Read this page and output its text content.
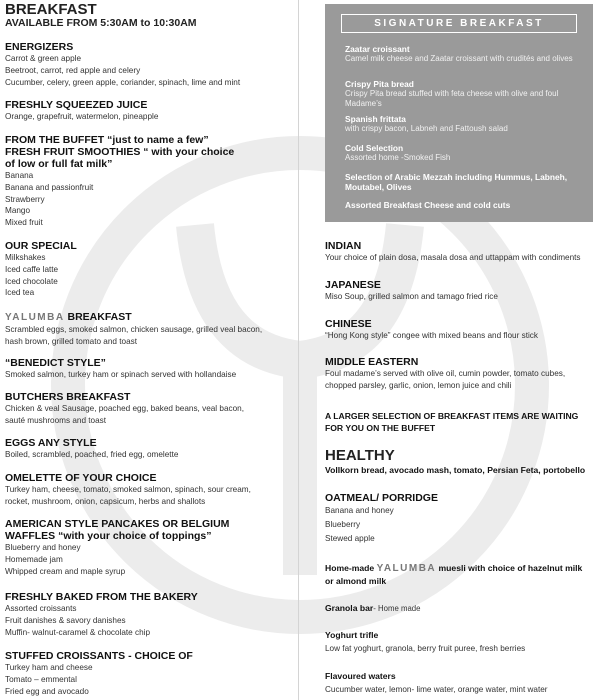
BREAKFAST
AVAILABLE FROM 5:30AM to 10:30AM
ENERGIZERS
Carrot & green apple
Beetroot, carrot, red apple and celery
Cucumber, celery, green apple, coriander, spinach, lime and mint
FRESHLY SQUEEZED JUICE
Orange, grapefruit, watermelon, pineapple
FROM THE BUFFET “just to name a few”
FRESH FRUIT SMOOTHIES “ with your choice
of low or full fat milk”
Banana
Banana and passionfruit
Strawberry
Mango
Mixed fruit
OUR SPECIAL
Milkshakes
Iced caffe latte
Iced chocolate
Iced tea
YALUMBA BREAKFAST
Scrambled eggs, smoked salmon, chicken sausage, grilled veal bacon,
hash brown, grilled tomato and toast
“BENEDICT STYLE”
Smoked salmon, turkey ham or spinach served with hollandaise
BUTCHERS BREAKFAST
Chicken & veal Sausage, poached egg, baked beans, veal bacon,
sauté mushrooms and toast
EGGS ANY STYLE
Boiled, scrambled, poached, fried egg, omelette
OMELETTE OF YOUR CHOICE
Turkey ham, cheese, tomato, smoked salmon, spinach, sour cream,
rocket, mushroom, onion, capsicum, herbs and shallots
AMERICAN STYLE PANCAKES OR BELGIUM
WAFFLES “with your choice of toppings”
Blueberry and honey
Homemade jam
Whipped cream and maple syrup
FRESHLY BAKED FROM THE BAKERY
Assorted croissants
Fruit danishes & savory danishes
Muffin- walnut-caramel & chocolate chip
STUFFED CROISSANTS - CHOICE OF
Turkey ham and cheese
Tomato – emmental
Fried egg and avocado
SIGNATURE BREAKFAST
Zaatar croissant
Camel milk cheese and Zaatar croissant with crudités and olives
Crispy Pita bread
Crispy Pita bread stuffed with feta cheese with olive and foul Madame’s
Spanish frittata
with crispy bacon, Labneh and Fattoush salad
Cold Selection
Assorted home -Smoked Fish
Selection of Arabic Mezzah including Hummus, Labneh, Moutabel, Olives
Assorted Breakfast Cheese and cold cuts
INDIAN
Your choice of plain dosa, masala dosa and uttappam with condiments
JAPANESE
Miso Soup, grilled salmon and tamago fried rice
CHINESE
“Hong Kong style” congee with mixed beans and flour stick
MIDDLE EASTERN
Foul madame’s served with olive oil, cumin powder, tomato cubes,
chopped parsley, garlic, onion, lemon juice and chili
A LARGER SELECTION OF BREAKFAST ITEMS ARE WAITING
FOR YOU ON THE BUFFET
HEALTHY
Vollkorn bread, avocado mash, tomato, Persian Feta, portobello
OATMEAL/ PORRIDGE
Banana and honey
Blueberry
Stewed apple
Home-made YALUMBA muesli with choice of hazelnut milk
or almond milk
Granola bar- Home made
Yoghurt trifle
Low fat yoghurt, granola, berry fruit puree, fresh berries
Flavoured waters
Cucumber water, lemon- lime water, orange water, mint water
